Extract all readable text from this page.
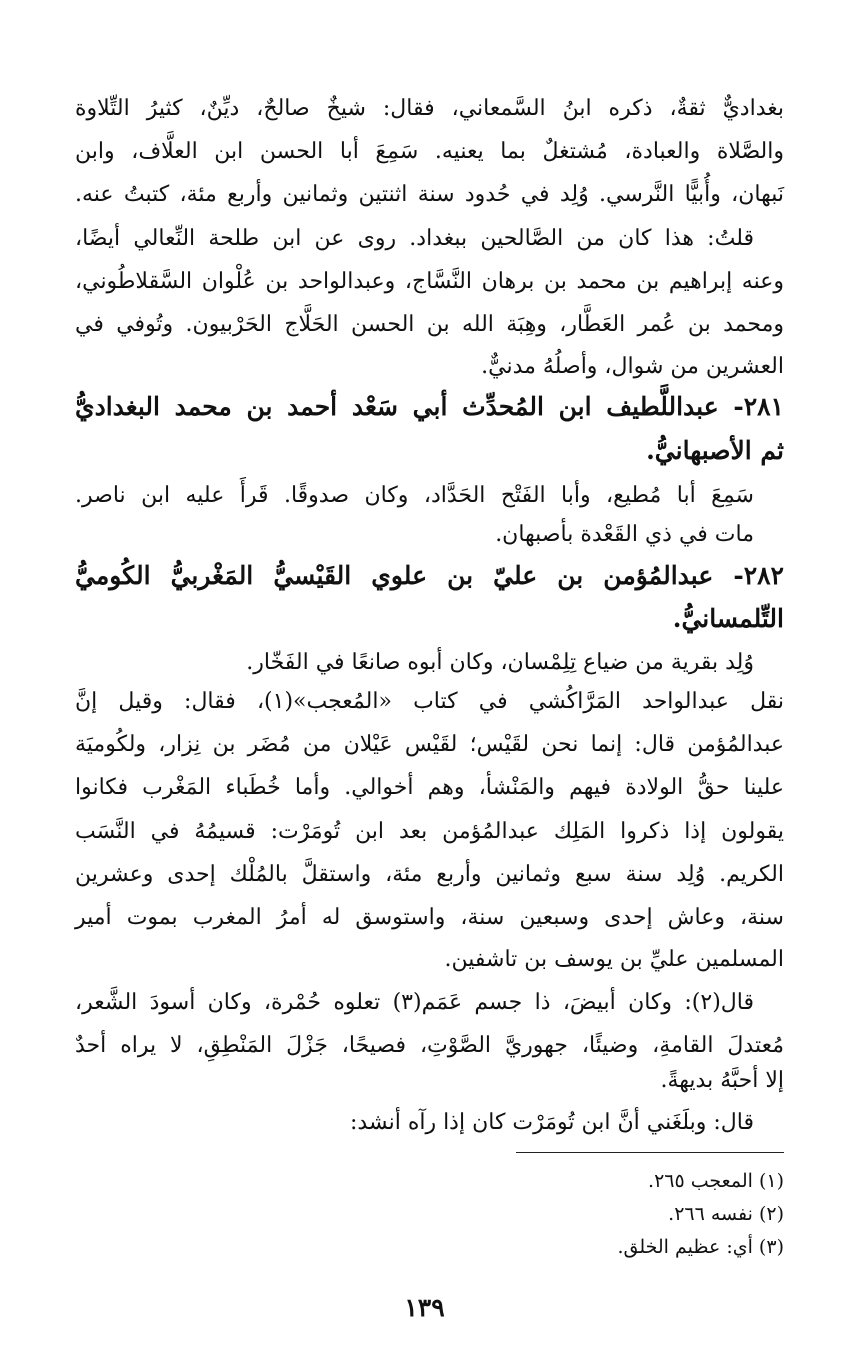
بغداديٌّ ثقةٌ، ذكره ابنُ السَّمعاني، فقال: شيخٌ صالحٌ، ديِّنٌ، كثيرُ التِّلاوة
والصَّلاة والعبادة، مُشتغلٌ بما يعنيه. سَمِعَ أبا الحسن ابن العلَّاف، وابن
نَبهان، وأُبيًّا النَّرسي. وُلِد في حُدود سنة اثنتين وثمانين وأربع مئة، كتبتُ عنه.
قلتُ: هذا كان من الصَّالحين ببغداد. روى عن ابن طلحة النِّعالي أيضًا،
وعنه إبراهيم بن محمد بن برهان النَّسَّاج، وعبدالواحد بن عُلْوان السَّقلاطُوني،
ومحمد بن عُمر العَطَّار، وهِبَة الله بن الحسن الحَلَّاج الحَرْبيون. وتُوفي في
العشرين من شوال، وأصلُهُ مدنيٌّ.
٢٨١- عبداللَّطيف ابن المُحدِّث أبي سَعْد أحمد بن محمد البغداديُّ
ثم الأصبهانيُّ.
سَمِعَ أبا مُطيع، وأبا الفَتْح الحَدَّاد، وكان صدوقًا. قَرأَ عليه ابن ناصر.
مات في ذي القَعْدة بأصبهان.
٢٨٢- عبدالمُؤمن بن عليّ بن علوي القَيْسيُّ المَغْربيُّ الكُوميُّ
التِّلمسانيُّ.
وُلِد بقرية من ضياع تِلِمْسان، وكان أبوه صانعًا في الفَخّار.
نقل عبدالواحد المَرَّاكُشي في كتاب «المُعجب»(١)، فقال: وقيل إنَّ
عبدالمُؤمن قال: إنما نحن لقَيْس؛ لقَيْس عَيْلان من مُضَر بن نِزار، ولكُوميَة
علينا حقُّ الولادة فيهم والمَنْشأ، وهم أخوالي. وأما خُطَباء المَغْرب فكانوا
يقولون إذا ذكروا المَلِك عبدالمُؤمن بعد ابن تُومَرْت: قسيمُهُ في النَّسَب
الكريم. وُلِد سنة سبع وثمانين وأربع مئة، واستقلَّ بالمُلْك إحدى وعشرين
سنة، وعاش إحدى وسبعين سنة، واستوسق له أمرُ المغرب بموت أمير
المسلمين عليِّ بن يوسف بن تاشفين.
قال(٢): وكان أبيضَ، ذا جسم عَمَم(٣) تعلوه حُمْرة، وكان أسودَ الشَّعر،
مُعتدلَ القامةِ، وضيئًا، جهوريَّ الصَّوْتِ، فصيحًا، جَزْلَ المَنْطِقِ، لا يراه أحدٌ
إلا أحبَّهُ بديهةً.
قال: وبلَغَني أنَّ ابن تُومَرْت كان إذا رآه أنشد:
(١) المعجب ٢٦٥.
(٢) نفسه ٢٦٦.
(٣) أي: عظيم الخلق.
١٣٩
